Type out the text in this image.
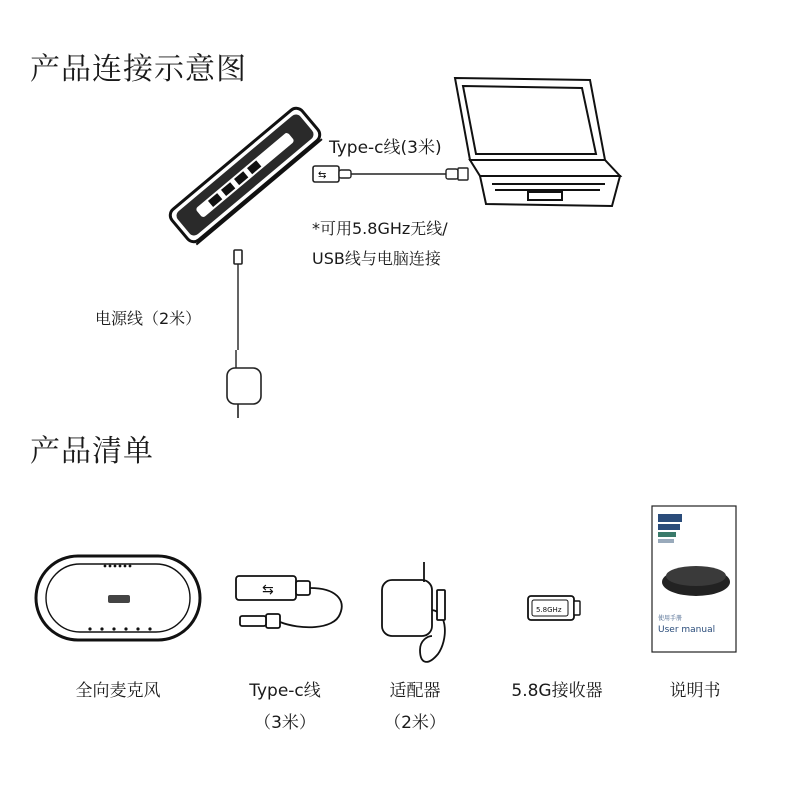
产品连接示意图
⇆
⇆
5.8GHz
使用手册
User manual
Type-c线(3米)
*可用5.8GHz无线/
USB线与电脑连接
电源线（2米）
产品清单
全向麦克风	Type-c线
（3米）
适配器
（2米）
5.8G接收器	说明书
